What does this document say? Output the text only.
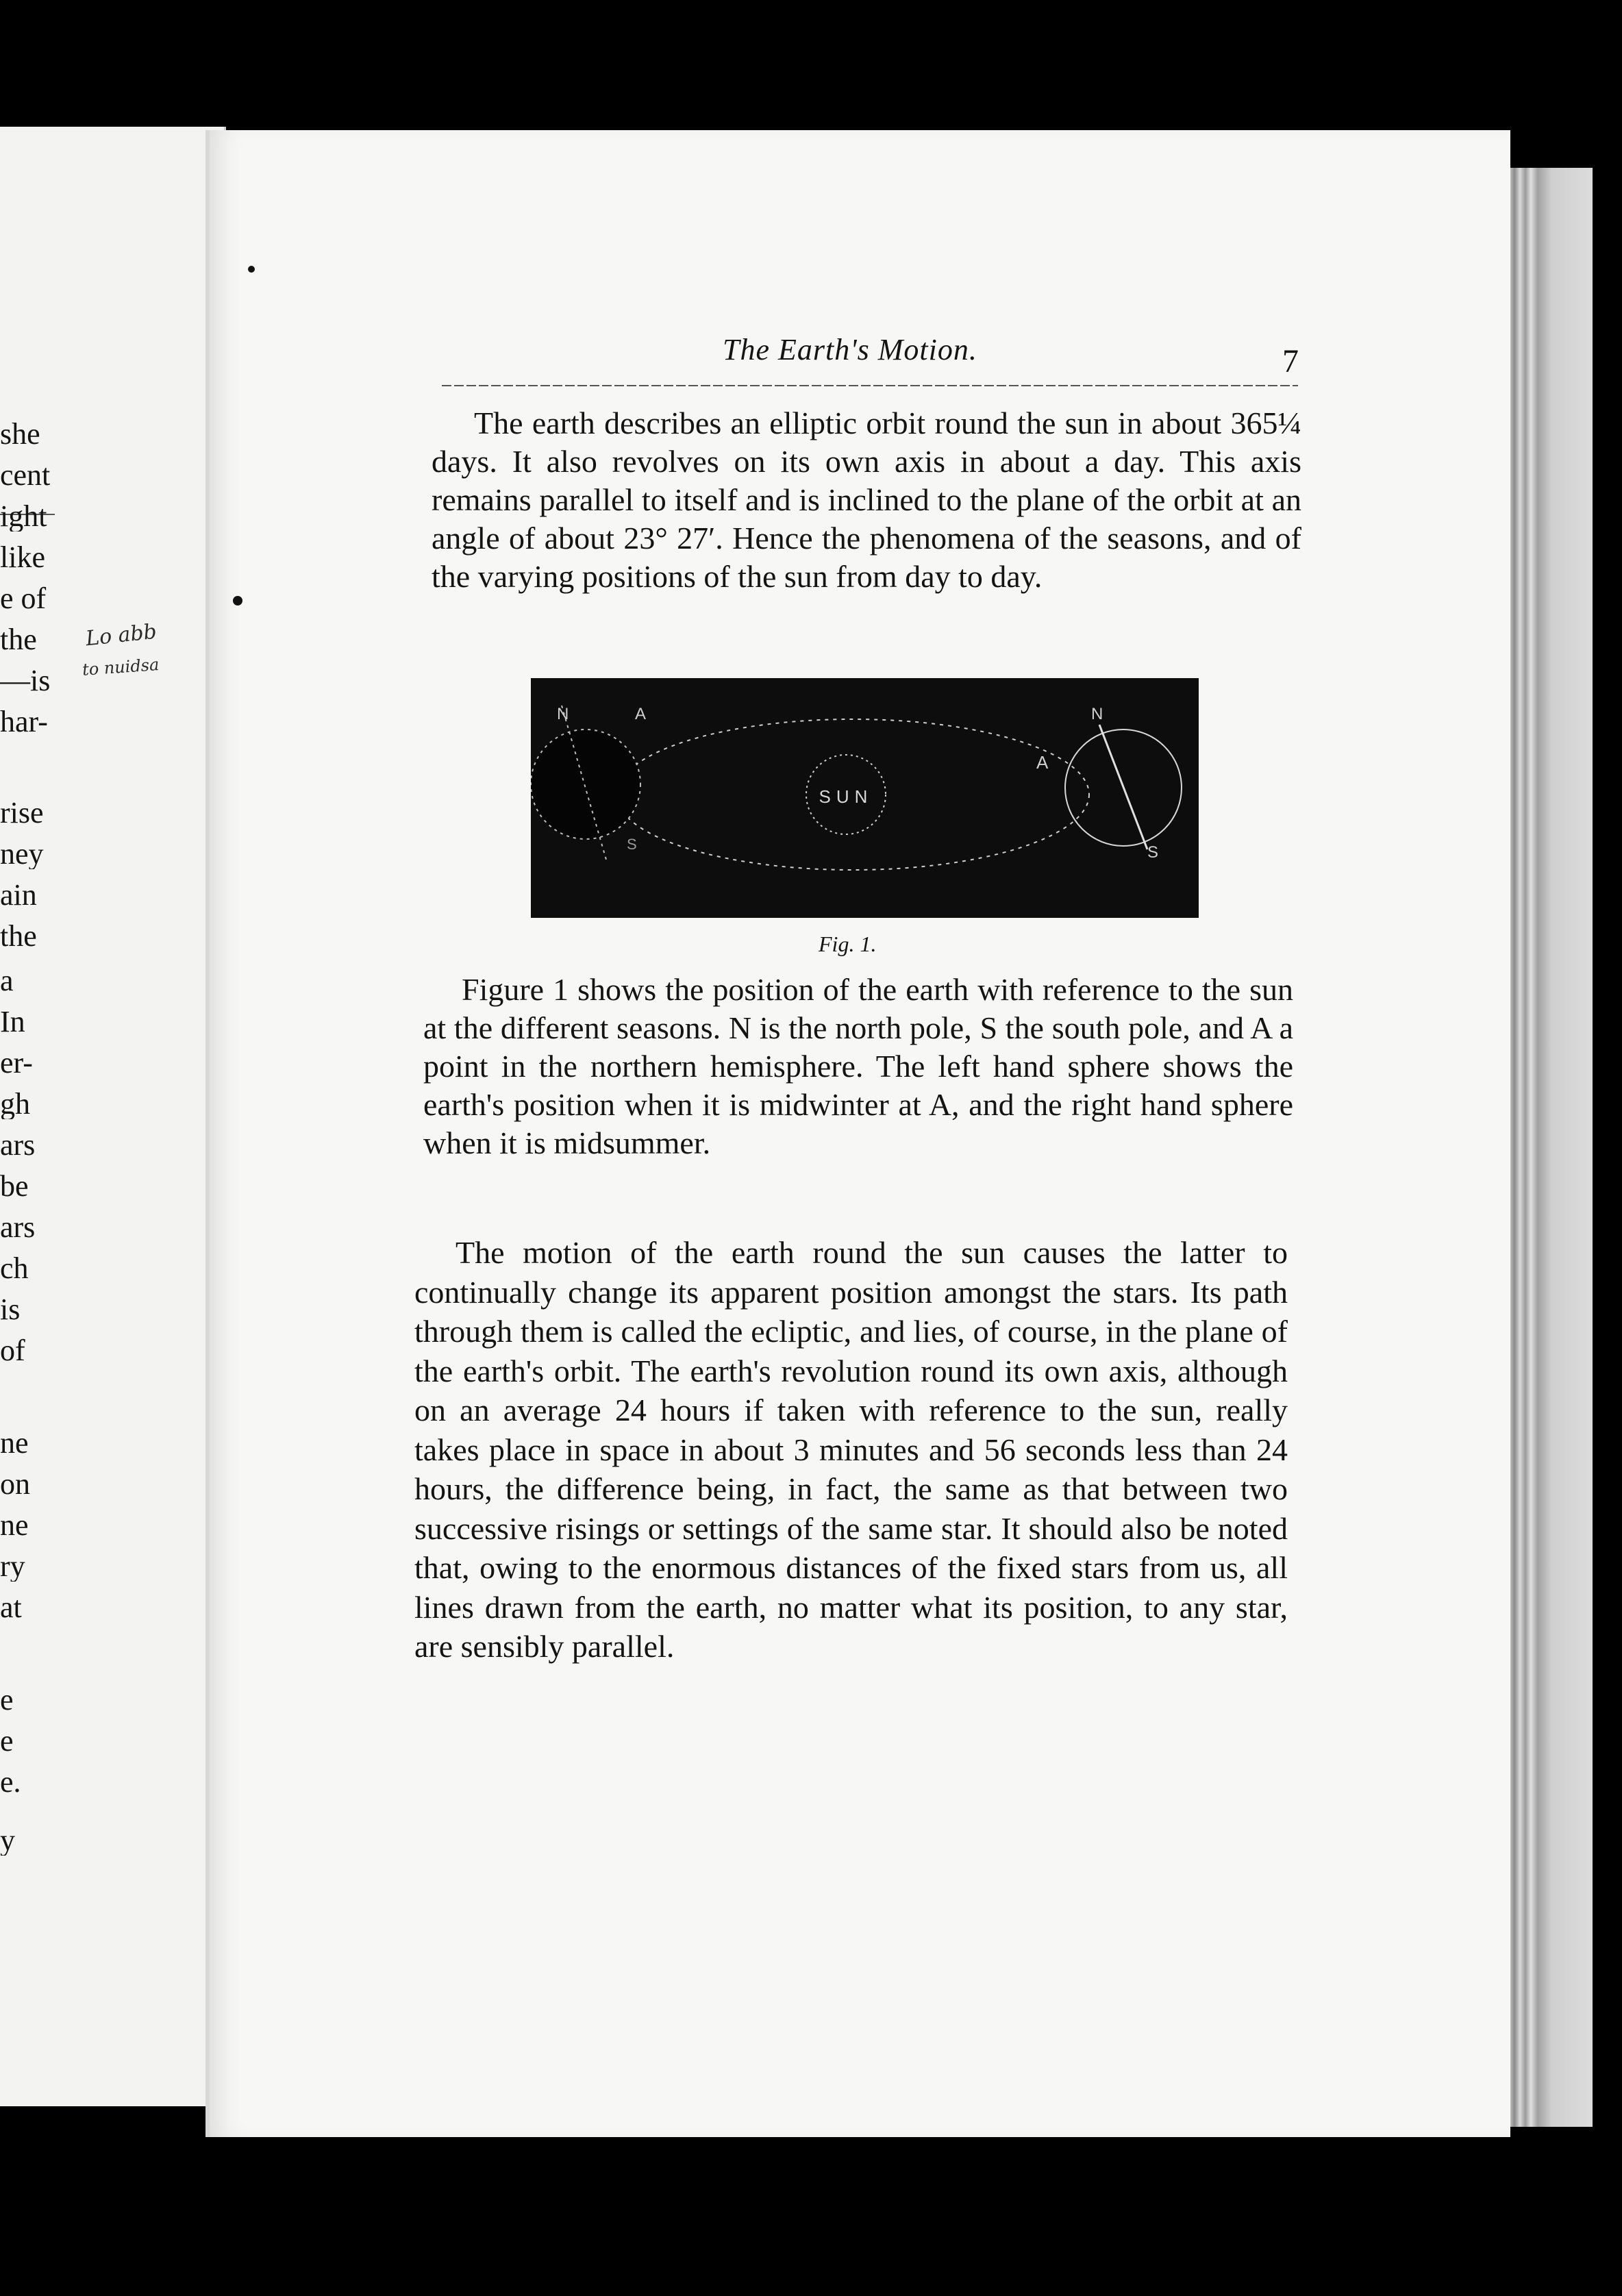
she
cent
ight
like
e of
the
—is
har-
rise
ney
ain
the
a
In
er-
gh
ars
be
ars
ch
is
of
ne
on
ne
ry
at
e
e
e.
y
Lo abb
to nuidsa
The Earth's Motion.	7

The earth describes an elliptic orbit round the sun in about 365¼ days. It also revolves on its own axis in about a day. This axis remains parallel to itself and is inclined to the plane of the orbit at an angle of about 23° 27′. Hence the phenomena of the seasons, and of the varying positions of the sun from day to day.

SUN
N	A
S
N
A
S
Fig. 1.

Figure 1 shows the position of the earth with reference to the sun at the different seasons. N is the north pole, S the south pole, and A a point in the northern hemisphere. The left hand sphere shows the earth's position when it is midwinter at A, and the right hand sphere when it is midsummer.

The motion of the earth round the sun causes the latter to continually change its apparent position amongst the stars. Its path through them is called the ecliptic, and lies, of course, in the plane of the earth's orbit. The earth's revolution round its own axis, although on an average 24 hours if taken with reference to the sun, really takes place in space in about 3 minutes and 56 seconds less than 24 hours, the difference being, in fact, the same as that between two successive risings or settings of the same star. It should also be noted that, owing to the enormous distances of the fixed stars from us, all lines drawn from the earth, no matter what its position, to any star, are sensibly parallel.
